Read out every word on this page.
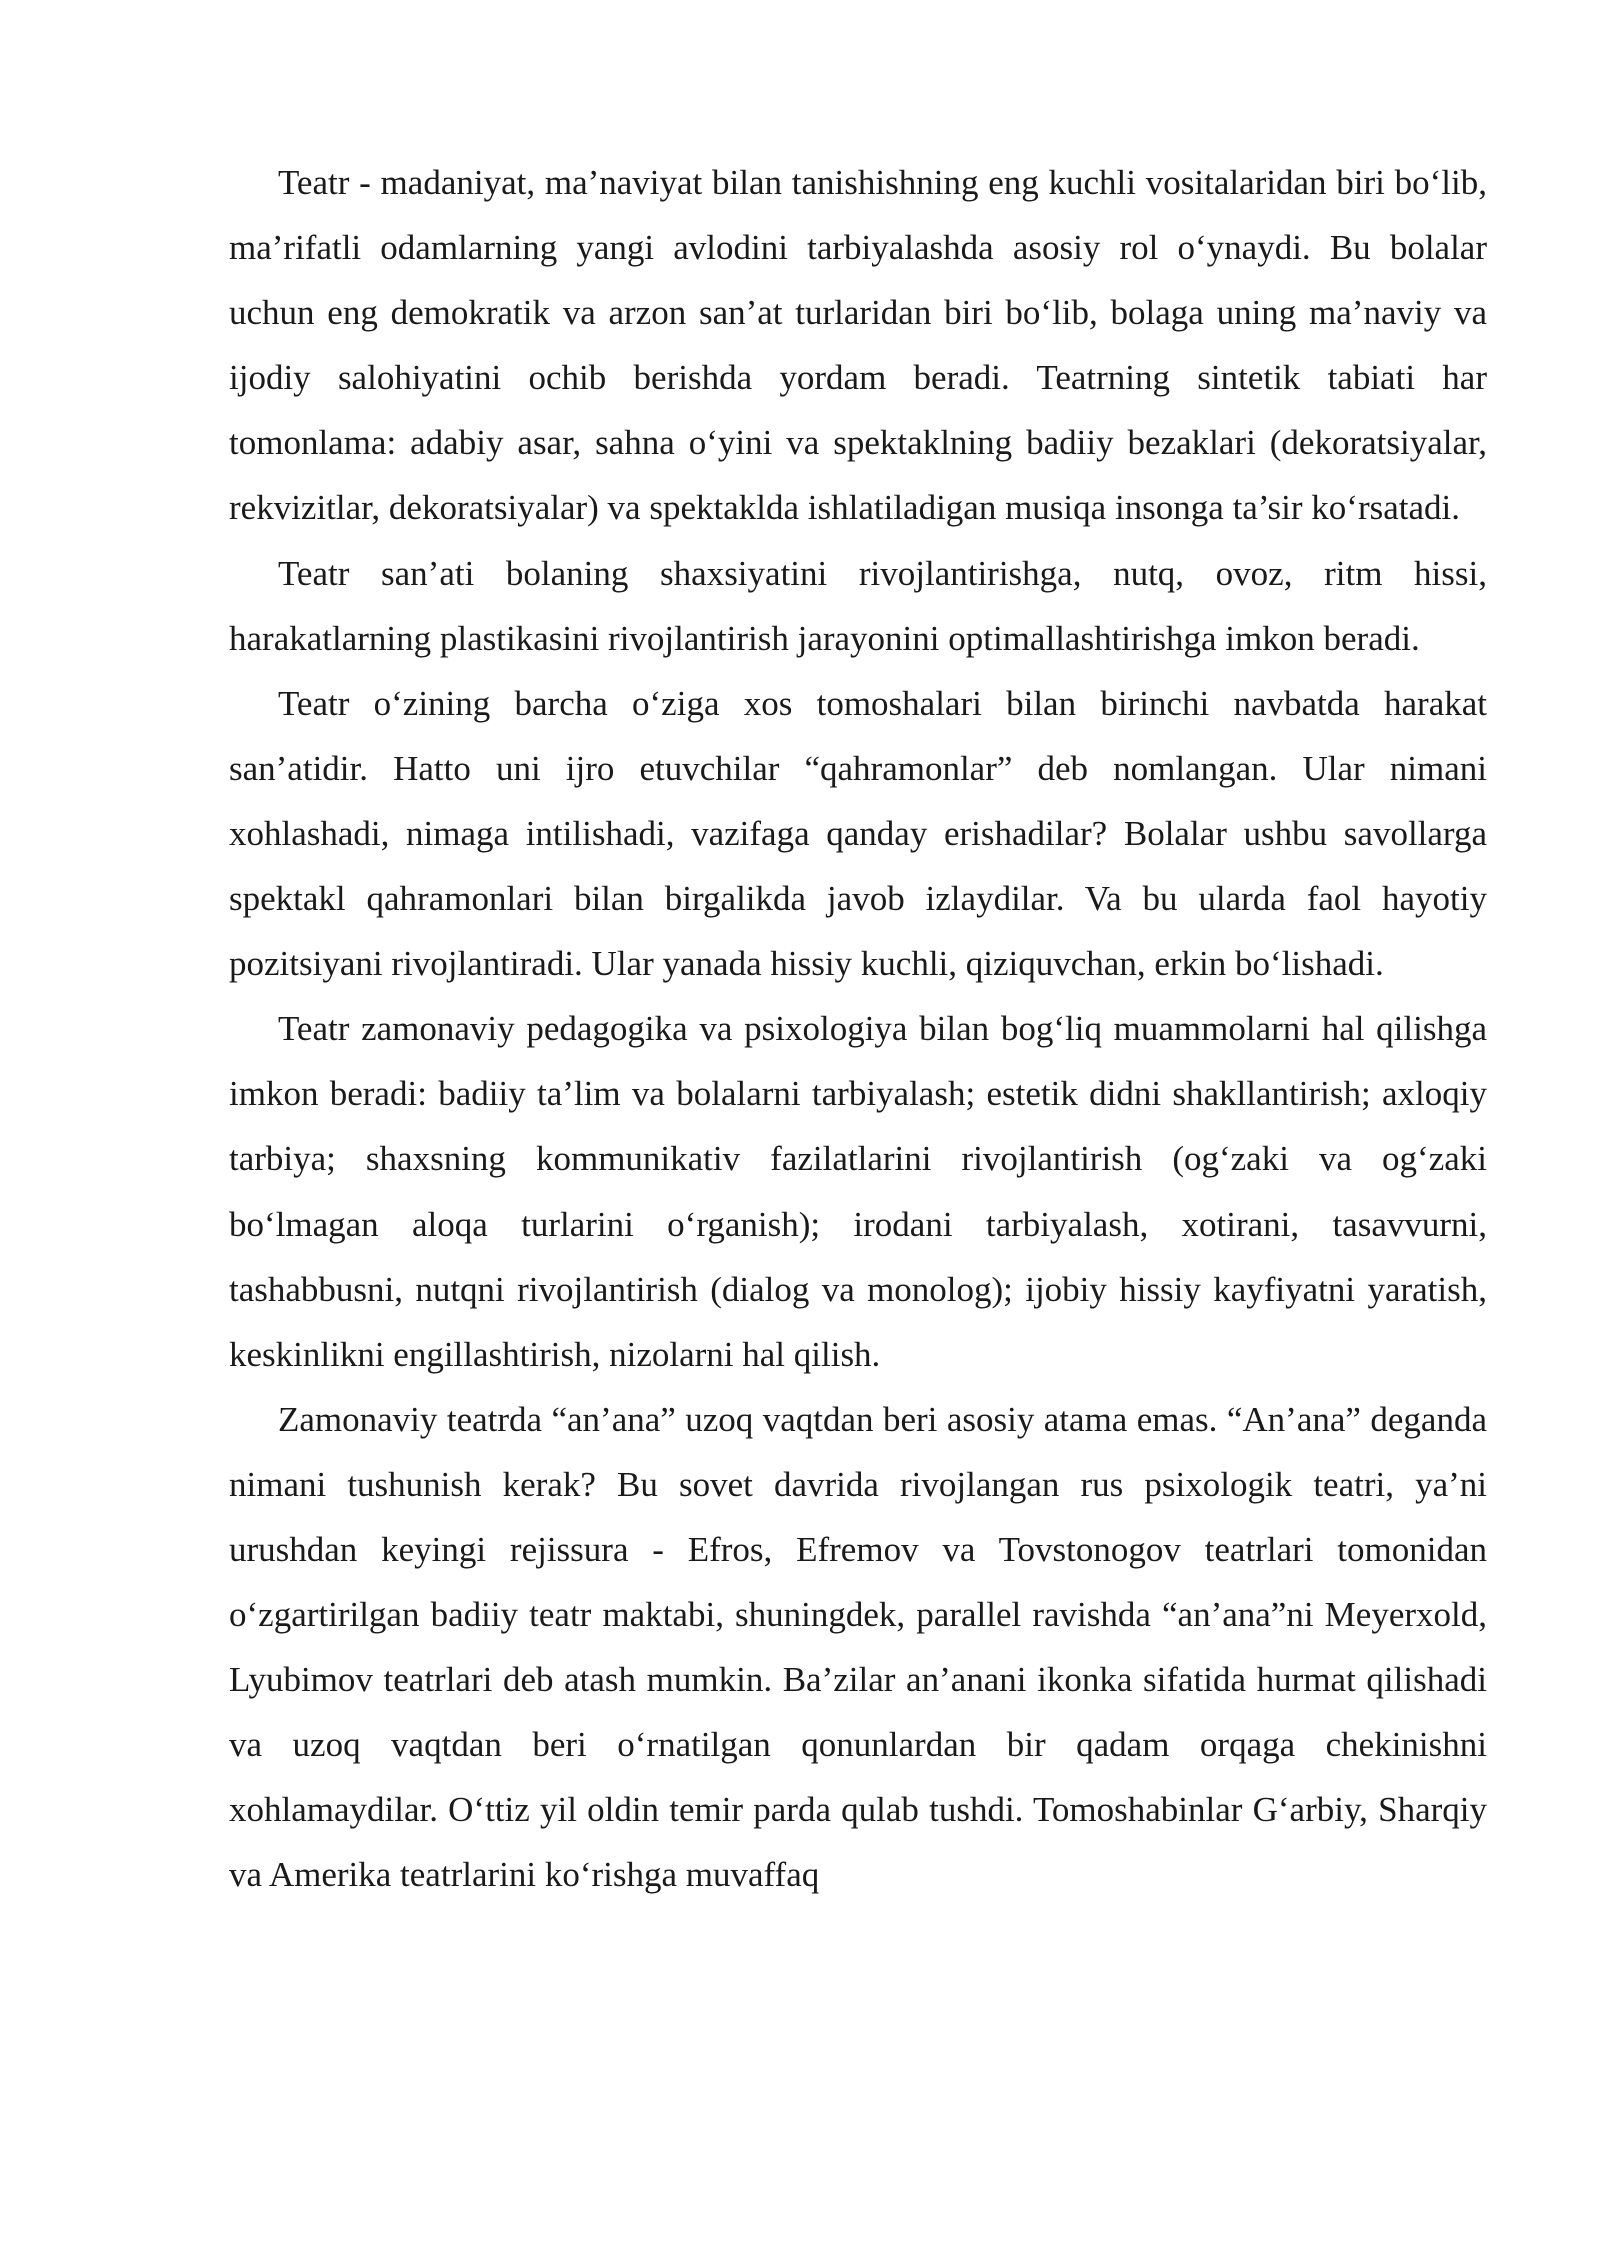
Teatr - madaniyat, ma’naviyat bilan tanishishning eng kuchli vositalaridan biri bo‘lib, ma’rifatli odamlarning yangi avlodini tarbiyalashda asosiy rol o‘ynaydi. Bu bolalar uchun eng demokratik va arzon san’at turlaridan biri bo‘lib, bolaga uning ma’naviy va ijodiy salohiyatini ochib berishda yordam beradi. Teatrning sintetik tabiati har tomonlama: adabiy asar, sahna o‘yini va spektaklning badiiy bezaklari (dekoratsiyalar, rekvizitlar, dekoratsiyalar) va spektaklda ishlatiladigan musiqa insonga ta’sir ko‘rsatadi.

Teatr san’ati bolaning shaxsiyatini rivojlantirishga, nutq, ovoz, ritm hissi, harakatlarning plastikasini rivojlantirish jarayonini optimallashtirishga imkon beradi.

Teatr o‘zining barcha o‘ziga xos tomoshalari bilan birinchi navbatda harakat san’atidir. Hatto uni ijro etuvchilar “qahramonlar” deb nomlangan. Ular nimani xohlashadi, nimaga intilishadi, vazifaga qanday erishadilar? Bolalar ushbu savollarga spektakl qahramonlari bilan birgalikda javob izlaydilar. Va bu ularda faol hayotiy pozitsiyani rivojlantiradi. Ular yanada hissiy kuchli, qiziquvchan, erkin bo‘lishadi.

Teatr zamonaviy pedagogika va psixologiya bilan bog‘liq muammolarni hal qilishga imkon beradi: badiiy ta’lim va bolalarni tarbiyalash; estetik didni shakllantirish; axloqiy tarbiya; shaxsning kommunikativ fazilatlarini rivojlantirish (og‘zaki va og‘zaki bo‘lmagan aloqa turlarini o‘rganish); irodani tarbiyalash, xotirani, tasavvurni, tashabbusni, nutqni rivojlantirish (dialog va monolog); ijobiy hissiy kayfiyatni yaratish, keskinlikni engillashtirish, nizolarni hal qilish.

Zamonaviy teatrda “an’ana” uzoq vaqtdan beri asosiy atama emas. “An’ana” deganda nimani tushunish kerak? Bu sovet davrida rivojlangan rus psixologik teatri, ya’ni urushdan keyingi rejissura - Efros, Efremov va Tovstonogov teatrlari tomonidan o‘zgartirilgan badiiy teatr maktabi, shuningdek, parallel ravishda “an’ana”ni Meyerxold, Lyubimov teatrlari deb atash mumkin. Ba’zilar an’anani ikonka sifatida hurmat qilishadi va uzoq vaqtdan beri o‘rnatilgan qonunlardan bir qadam orqaga chekinishni xohlamaydilar. O‘ttiz yil oldin temir parda qulab tushdi. Tomoshabinlar G‘arbiy, Sharqiy va Amerika teatrlarini ko‘rishga muvaffaq
